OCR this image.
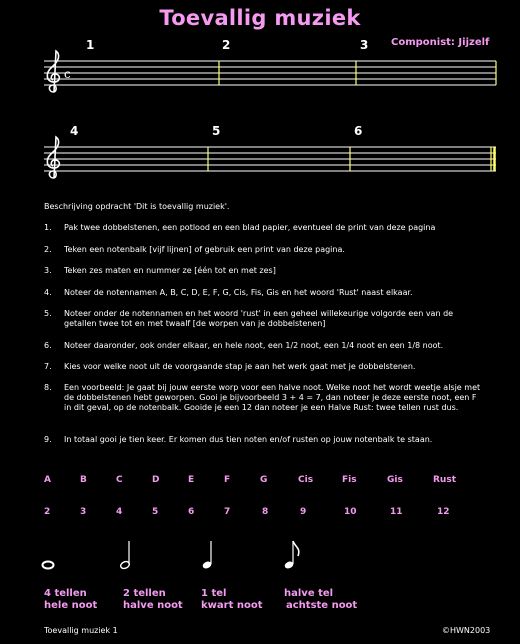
Toevallig muziek
Componist: Jijzelf
1	2	3
c
4	5	6
Beschrijving opdracht 'Dit is toevallig muziek'.
1. Pak twee dobbelstenen, een potlood en een blad papier, eventueel de print van deze pagina
2. Teken een notenbalk [vijf lijnen] of gebruik een print van deze pagina.
3. Teken zes maten en nummer ze [één tot en met zes]
4. Noteer de notennamen A, B, C, D, E, F, G, Cis, Fis, Gis en het woord 'Rust' naast elkaar.
5. Noteer onder de notennamen en het woord 'rust' in een geheel willekeurige volgorde een van de getallen twee tot en met twaalf [de worpen van je dobbelstenen]
6. Noteer daaronder, ook onder elkaar, en hele noot, een 1/2 noot, een 1/4 noot en een 1/8 noot.
7. Kies voor welke noot uit de voorgaande stap je aan het werk gaat met je dobbelstenen.
8. Een voorbeeld: Je gaat bij jouw eerste worp voor een halve noot. Welke noot het wordt weetje alsje met de dobbelstenen hebt geworpen. Gooi je bijvoorbeeld 3 + 4 = 7, dan noteer je deze eerste noot, een F in dit geval, op de notenbalk. Gooide je een 12 dan noteer je een Halve Rust: twee tellen rust dus.
9. In totaal gooi je tien keer. Er komen dus tien noten en/of rusten op jouw notenbalk te staan.
A	B	C	D	E	F	G	Cis	Fis	Gis	Rust
2	3	4	5	6	7	8	9	10	11	12
4 tellen
hele noot
2 tellen
halve noot
1 tel
kwart noot
halve tel
achtste noot
Toevallig muziek 1	©HWN2003
